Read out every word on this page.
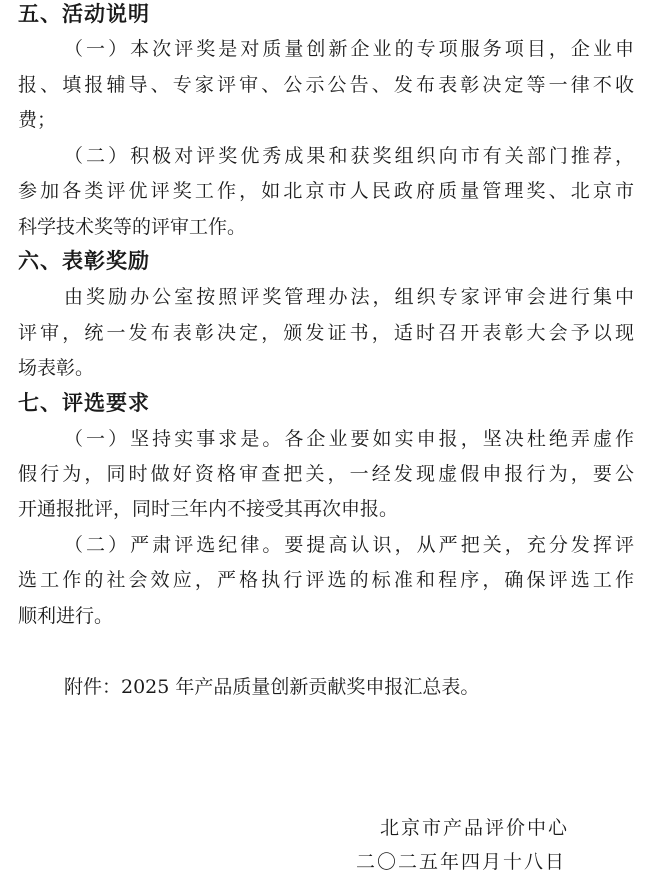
五、活动说明
（一）本次评奖是对质量创新企业的专项服务项目，企业申
报、填报辅导、专家评审、公示公告、发布表彰决定等一律不收
费；
（二）积极对评奖优秀成果和获奖组织向市有关部门推荐，
参加各类评优评奖工作，如北京市人民政府质量管理奖、北京市
科学技术奖等的评审工作。
六、表彰奖励
由奖励办公室按照评奖管理办法，组织专家评审会进行集中
评审，统一发布表彰决定，颁发证书，适时召开表彰大会予以现
场表彰。
七、评选要求
（一）坚持实事求是。各企业要如实申报，坚决杜绝弄虚作
假行为，同时做好资格审查把关，一经发现虚假申报行为，要公
开通报批评，同时三年内不接受其再次申报。
（二）严肃评选纪律。要提高认识，从严把关，充分发挥评
选工作的社会效应，严格执行评选的标准和程序，确保评选工作
顺利进行。
附件：2025 年产品质量创新贡献奖申报汇总表。
北京市产品评价中心
二〇二五年四月十八日
